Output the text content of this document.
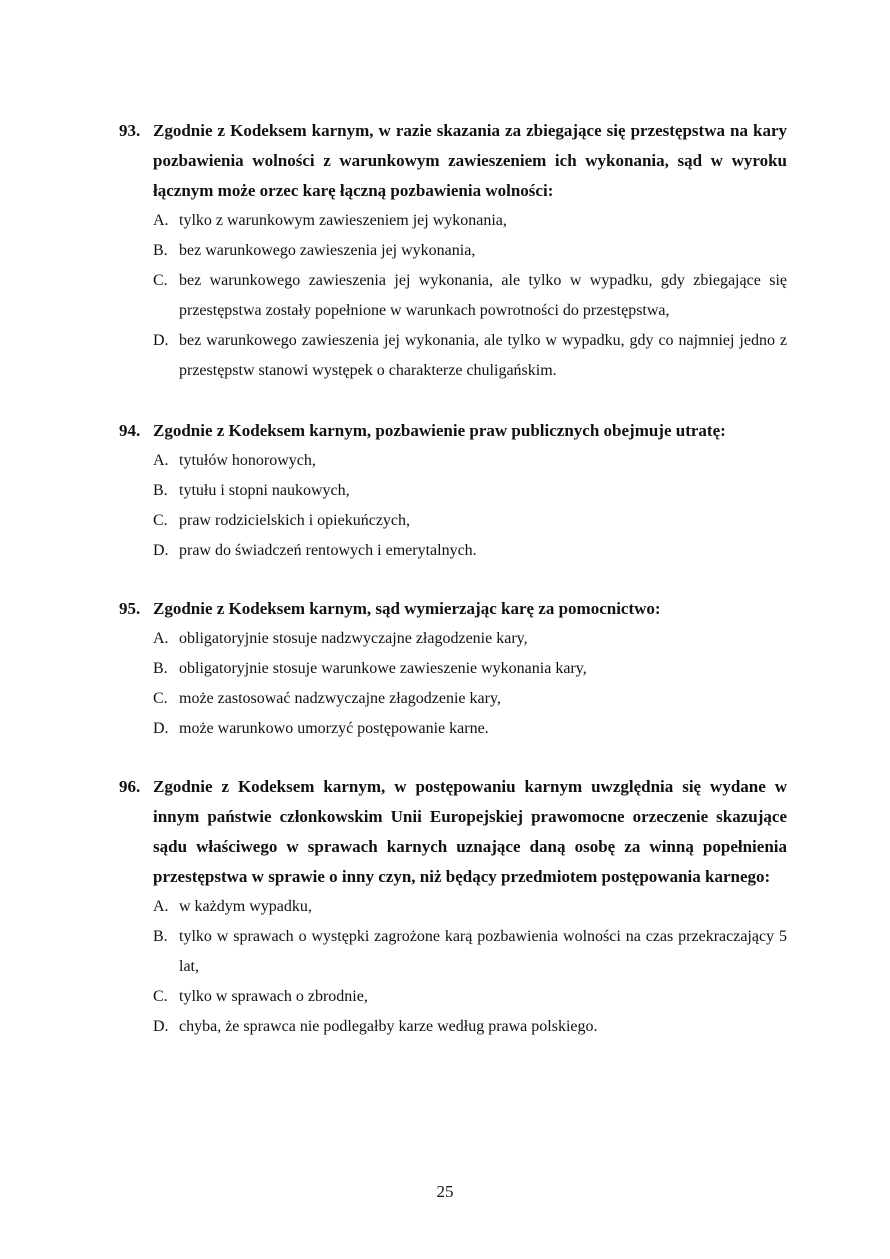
93. Zgodnie z Kodeksem karnym, w razie skazania za zbiegające się przestępstwa na kary pozbawienia wolności z warunkowym zawieszeniem ich wykonania, sąd w wyroku łącznym może orzec karę łączną pozbawienia wolności:
A. tylko z warunkowym zawieszeniem jej wykonania,
B. bez warunkowego zawieszenia jej wykonania,
C. bez warunkowego zawieszenia jej wykonania, ale tylko w wypadku, gdy zbiegające się przestępstwa zostały popełnione w warunkach powrotności do przestępstwa,
D. bez warunkowego zawieszenia jej wykonania, ale tylko w wypadku, gdy co najmniej jedno z przestępstw stanowi występek o charakterze chuligańskim.
94. Zgodnie z Kodeksem karnym, pozbawienie praw publicznych obejmuje utratę:
A. tytułów honorowych,
B. tytułu i stopni naukowych,
C. praw rodzicielskich i opiekuńczych,
D. praw do świadczeń rentowych i emerytalnych.
95. Zgodnie z Kodeksem karnym, sąd wymierzając karę za pomocnictwo:
A. obligatoryjnie stosuje nadzwyczajne złagodzenie kary,
B. obligatoryjnie stosuje warunkowe zawieszenie wykonania kary,
C. może zastosować nadzwyczajne złagodzenie kary,
D. może warunkowo umorzyć postępowanie karne.
96. Zgodnie z Kodeksem karnym, w postępowaniu karnym uwzględnia się wydane w innym państwie członkowskim Unii Europejskiej prawomocne orzeczenie skazujące sądu właściwego w sprawach karnych uznające daną osobę za winną popełnienia przestępstwa w sprawie o inny czyn, niż będący przedmiotem postępowania karnego:
A. w każdym wypadku,
B. tylko w sprawach o występki zagrożone karą pozbawienia wolności na czas przekraczający 5 lat,
C. tylko w sprawach o zbrodnie,
D. chyba, że sprawca nie podlegałby karze według prawa polskiego.
25
